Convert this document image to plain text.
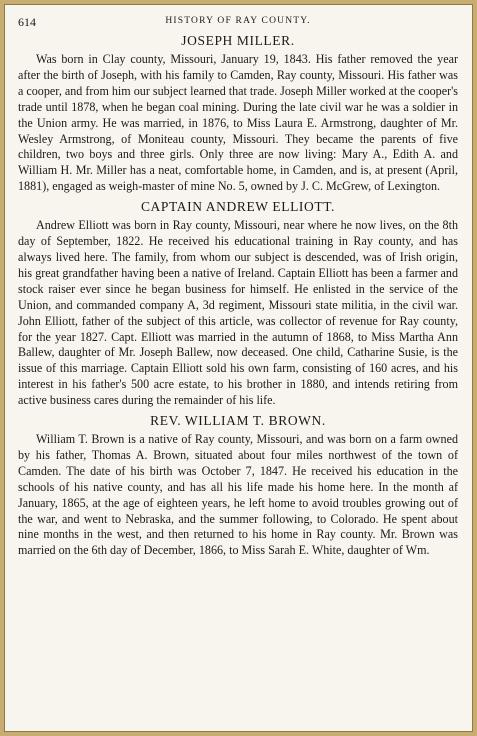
614	HISTORY OF RAY COUNTY.
JOSEPH MILLER.

Was born in Clay county, Missouri, January 19, 1843. His father removed the year after the birth of Joseph, with his family to Camden, Ray county, Missouri. His father was a cooper, and from him our subject learned that trade. Joseph Miller worked at the cooper's trade until 1878, when he began coal mining. During the late civil war he was a soldier in the Union army. He was married, in 1876, to Miss Laura E. Armstrong, daughter of Mr. Wesley Armstrong, of Moniteau county, Missouri. They became the parents of five children, two boys and three girls. Only three are now living: Mary A., Edith A. and William H. Mr. Miller has a neat, comfortable home, in Camden, and is, at present (April, 1881), engaged as weigh-master of mine No. 5, owned by J. C. McGrew, of Lexington.

CAPTAIN ANDREW ELLIOTT.

Andrew Elliott was born in Ray county, Missouri, near where he now lives, on the 8th day of September, 1822. He received his educational training in Ray county, and has always lived here. The family, from whom our subject is descended, was of Irish origin, his great grandfather having been a native of Ireland. Captain Elliott has been a farmer and stock raiser ever since he began business for himself. He enlisted in the service of the Union, and commanded company A, 3d regiment, Missouri state militia, in the civil war. John Elliott, father of the subject of this article, was collector of revenue for Ray county, for the year 1827. Capt. Elliott was married in the autumn of 1868, to Miss Martha Ann Ballew, daughter of Mr. Joseph Ballew, now deceased. One child, Catharine Susie, is the issue of this marriage. Captain Elliott sold his own farm, consisting of 160 acres, and his interest in his father's 500 acre estate, to his brother in 1880, and intends retiring from active business cares during the remainder of his life.

REV. WILLIAM T. BROWN.

William T. Brown is a native of Ray county, Missouri, and was born on a farm owned by his father, Thomas A. Brown, situated about four miles northwest of the town of Camden. The date of his birth was October 7, 1847. He received his education in the schools of his native county, and has all his life made his home here. In the month af January, 1865, at the age of eighteen years, he left home to avoid troubles growing out of the war, and went to Nebraska, and the summer following, to Colorado. He spent about nine months in the west, and then returned to his home in Ray county. Mr. Brown was married on the 6th day of December, 1866, to Miss Sarah E. White, daughter of Wm.
